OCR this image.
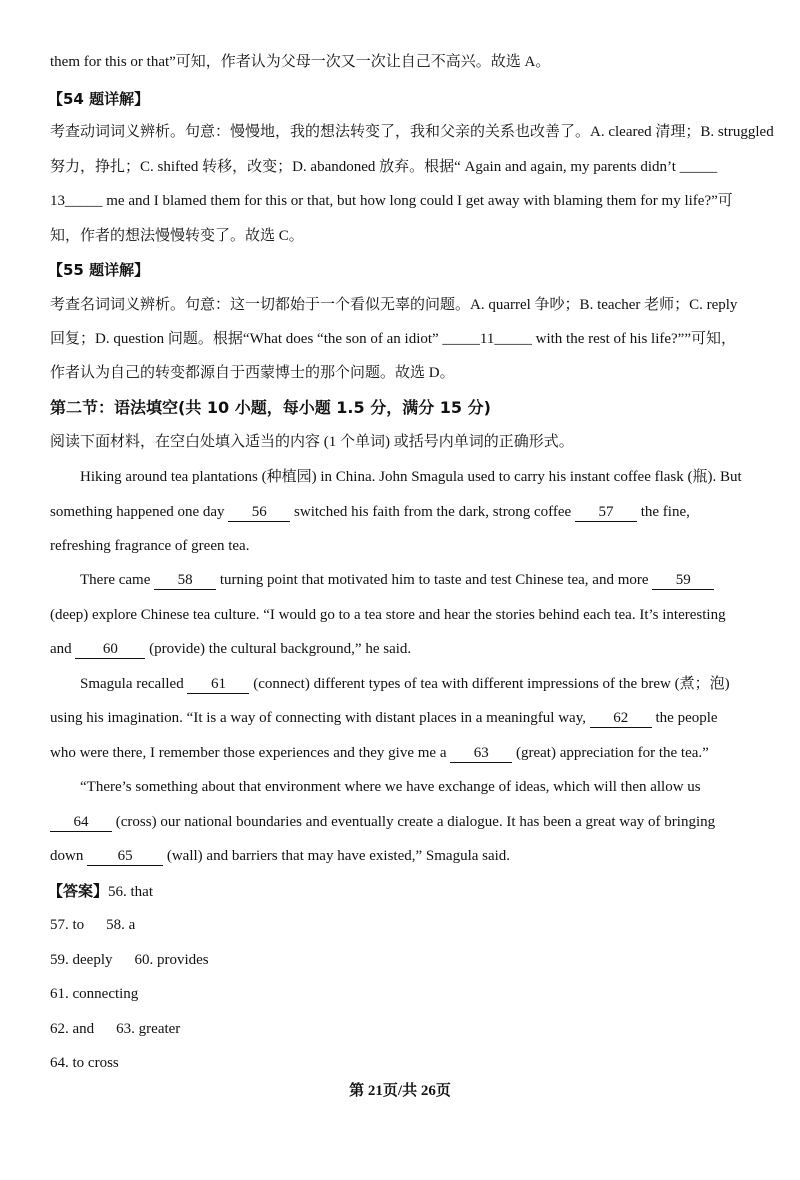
them for this or that”可知，作者认为父母一次又一次让自己不高兴。故选 A。
【54 题详解】
考查动词词义辨析。句意：慢慢地，我的想法转变了，我和父亲的关系也改善了。A. cleared 清理；B. struggled
努力，挣扎；C. shifted 转移，改变；D. abandoned 放弃。根据“ Again and again, my parents didn’t _____
13_____ me and I blamed them for this or that, but how long could I get away with blaming them for my life?”可
知，作者的想法慢慢转变了。故选 C。
【55 题详解】
考查名词词义辨析。句意：这一切都始于一个看似无辜的问题。A. quarrel 争吵；B. teacher 老师；C. reply
回复；D. question 问题。根据“What does “the son of an idiot” _____11_____ with the rest of his life?””可知，
作者认为自己的转变都源自于西蒙博士的那个问题。故选 D。
第二节：语法填空(共 10 小题，每小题 1.5 分，满分 15 分)
阅读下面材料，在空白处填入适当的内容 (1 个单词) 或括号内单词的正确形式。
Hiking around tea plantations (种植园) in China. John Smagula used to carry his instant coffee flask (瓶). But
something happened one day 56 switched his faith from the dark, strong coffee 57 the fine,
refreshing fragrance of green tea.
There came 58 turning point that motivated him to taste and test Chinese tea, and more 59
(deep) explore Chinese tea culture. “I would go to a tea store and hear the stories behind each tea. It’s interesting
and 60 (provide) the cultural background,” he said.
Smagula recalled 61 (connect) different types of tea with different impressions of the brew (煮；泡)
using his imagination. “It is a way of connecting with distant places in a meaningful way, 62 the people
who were there, I remember those experiences and they give me a 63 (great) appreciation for the tea.”
“There’s something about that environment where we have exchange of ideas, which will then allow us
64 (cross) our national boundaries and eventually create a dialogue. It has been a great way of bringing
down 65 (wall) and barriers that may have existed,” Smagula said.
【答案】56. that
57. to 58. a
59. deeply 60. provides
61. connecting
62. and 63. greater
64. to cross
第 21页/共 26页
